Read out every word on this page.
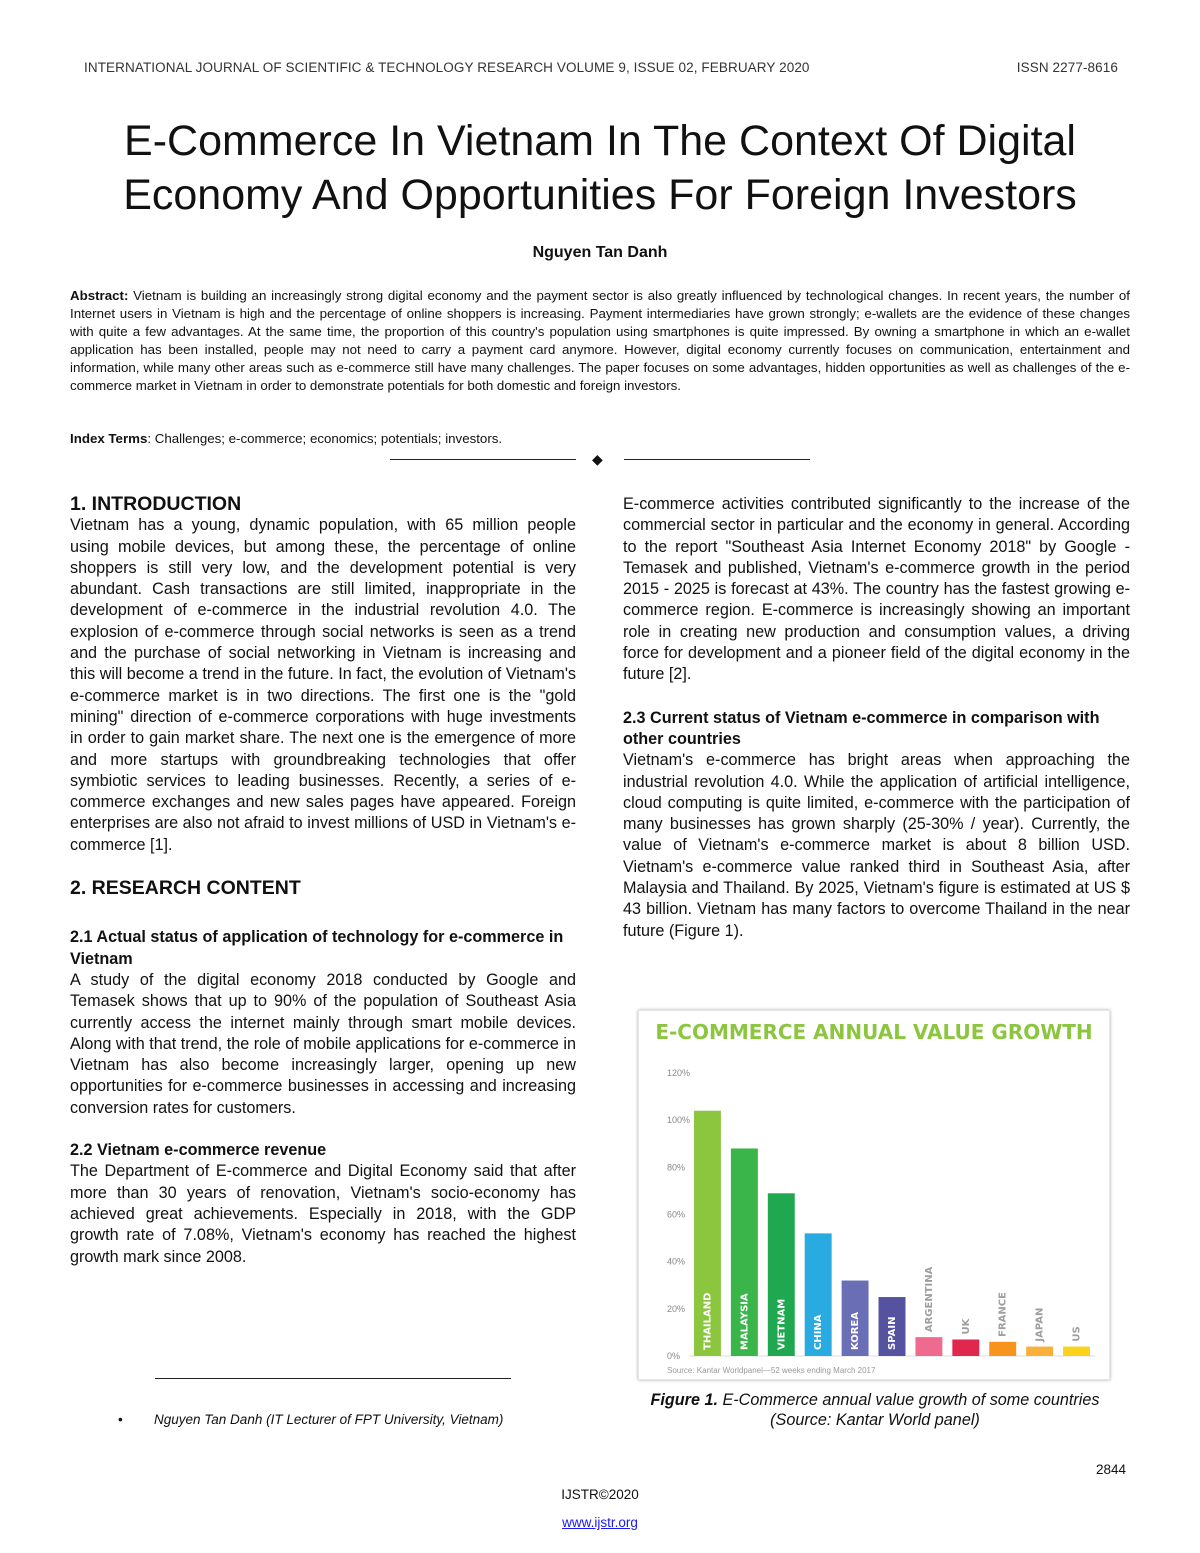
INTERNATIONAL JOURNAL OF SCIENTIFIC & TECHNOLOGY RESEARCH VOLUME 9, ISSUE 02, FEBRUARY 2020	ISSN 2277-8616
E-Commerce In Vietnam In The Context Of Digital
Economy And Opportunities For Foreign Investors
Nguyen Tan Danh

Abstract: Vietnam is building an increasingly strong digital economy and the payment sector is also greatly influenced by technological changes. In recent years, the number of Internet users in Vietnam is high and the percentage of online shoppers is increasing. Payment intermediaries have grown strongly; e-wallets are the evidence of these changes with quite a few advantages. At the same time, the proportion of this country's population using smartphones is quite impressed. By owning a smartphone in which an e-wallet application has been installed, people may not need to carry a payment card anymore. However, digital economy currently focuses on communication, entertainment and information, while many other areas such as e-commerce still have many challenges. The paper focuses on some advantages, hidden opportunities as well as challenges of the e-commerce market in Vietnam in order to demonstrate potentials for both domestic and foreign investors.

Index Terms: Challenges; e-commerce; economics; potentials; investors.

◆
1. INTRODUCTION

Vietnam has a young, dynamic population, with 65 million people using mobile devices, but among these, the percentage of online shoppers is still very low, and the development potential is very abundant. Cash transactions are still limited, inappropriate in the development of e-commerce in the industrial revolution 4.0. The explosion of e-commerce through social networks is seen as a trend and the purchase of social networking in Vietnam is increasing and this will become a trend in the future. In fact, the evolution of Vietnam's e-commerce market is in two directions. The first one is the "gold mining" direction of e-commerce corporations with huge investments in order to gain market share. The next one is the emergence of more and more startups with groundbreaking technologies that offer symbiotic services to leading businesses. Recently, a series of e-commerce exchanges and new sales pages have appeared. Foreign enterprises are also not afraid to invest millions of USD in Vietnam's e-commerce [1].

2. RESEARCH CONTENT
2.1 Actual status of application of technology for e-commerce in Vietnam

A study of the digital economy 2018 conducted by Google and Temasek shows that up to 90% of the population of Southeast Asia currently access the internet mainly through smart mobile devices. Along with that trend, the role of mobile applications for e-commerce in Vietnam has also become increasingly larger, opening up new opportunities for e-commerce businesses in accessing and increasing conversion rates for customers.

2.2 Vietnam e-commerce revenue

The Department of E-commerce and Digital Economy said that after more than 30 years of renovation, Vietnam's socio-economy has achieved great achievements. Especially in 2018, with the GDP growth rate of 7.08%, Vietnam's economy has reached the highest growth mark since 2008.

E-commerce activities contributed significantly to the increase of the commercial sector in particular and the economy in general. According to the report "Southeast Asia Internet Economy 2018" by Google - Temasek and published, Vietnam's e-commerce growth in the period 2015 - 2025 is forecast at 43%. The country has the fastest growing e-commerce region. E-commerce is increasingly showing an important role in creating new production and consumption values, a driving force for development and a pioneer field of the digital economy in the future [2].

2.3 Current status of Vietnam e-commerce in comparison with other countries

Vietnam's e-commerce has bright areas when approaching the industrial revolution 4.0. While the application of artificial intelligence, cloud computing is quite limited, e-commerce with the participation of many businesses has grown sharply (25-30% / year). Currently, the value of Vietnam's e-commerce market is about 8 billion USD. Vietnam's e-commerce value ranked third in Southeast Asia, after Malaysia and Thailand. By 2025, Vietnam's figure is estimated at US $ 43 billion. Vietnam has many factors to overcome Thailand in the near future (Figure 1).

E-COMMERCE ANNUAL VALUE GROWTH
0%
20%
40%
60%
80%
100%
120%
THAILAND	MALAYSIA	VIETNAM	CHINA	KOREA	SPAIN
ARGENTINA	UK	FRANCE	JAPAN	US
Source: Kantar Worldpanel—52 weeks ending March 2017
Figure 1. E-Commerce annual value growth of some countries (Source: Kantar World panel)
• Nguyen Tan Danh (IT Lecturer of FPT University, Vietnam)
2844
IJSTR©2020
www.ijstr.org
